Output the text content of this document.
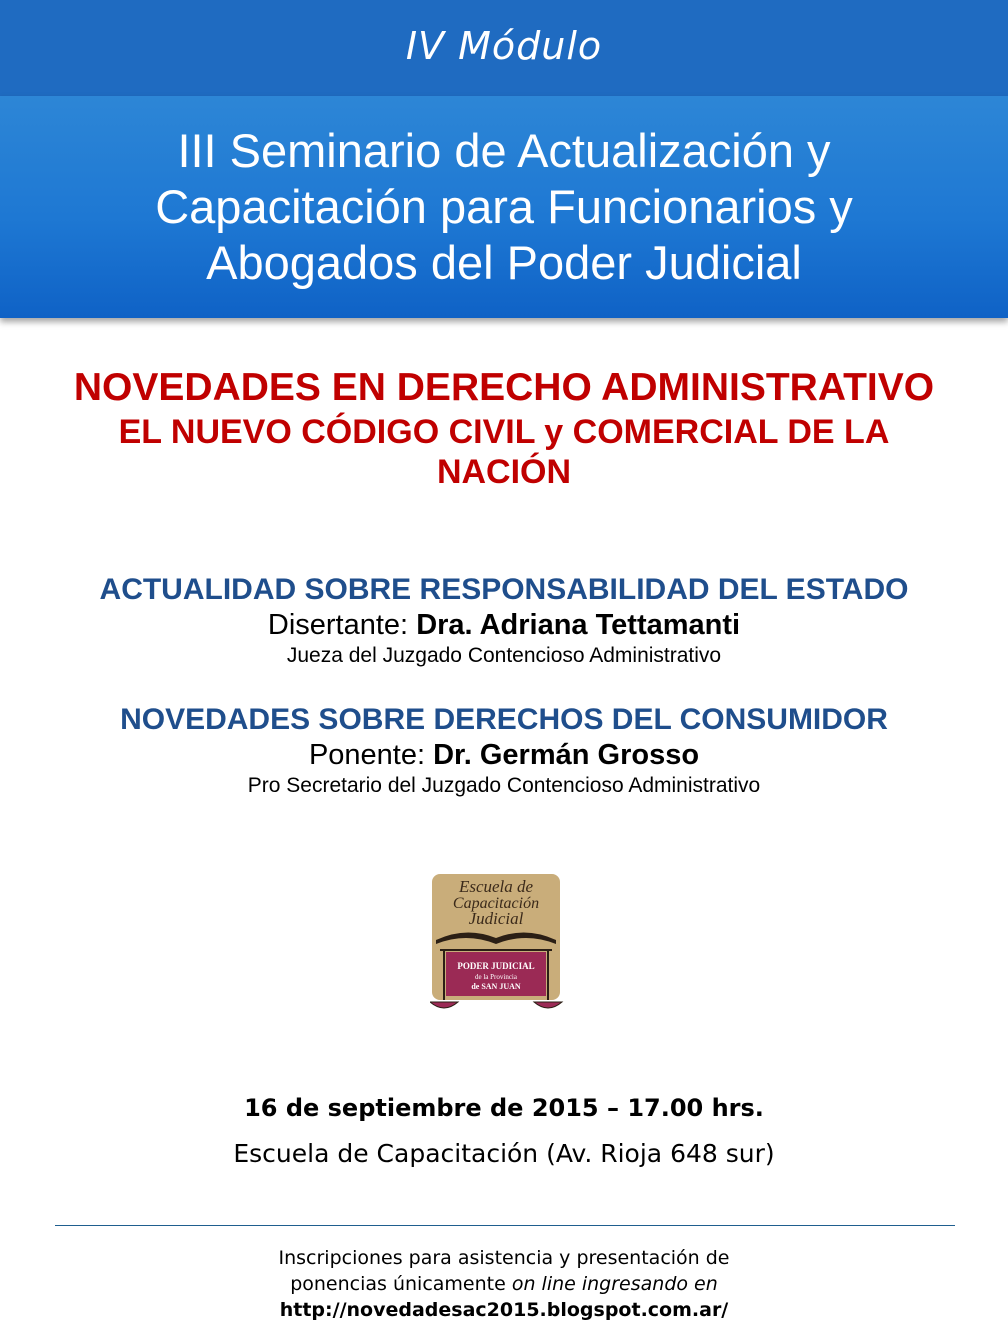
IV Módulo
III Seminario de Actualización y
Capacitación para Funcionarios y
Abogados del Poder Judicial
NOVEDADES EN DERECHO ADMINISTRATIVO
EL NUEVO CÓDIGO CIVIL y COMERCIAL DE LA
NACIÓN
ACTUALIDAD SOBRE RESPONSABILIDAD DEL ESTADO
Disertante: Dra. Adriana Tettamanti
Jueza del Juzgado Contencioso Administrativo
NOVEDADES SOBRE DERECHOS DEL CONSUMIDOR
Ponente: Dr. Germán Grosso
Pro Secretario del Juzgado Contencioso Administrativo
Escuela de
Capacitación
Judicial
PODER JUDICIAL
de la Provincia
de SAN JUAN
16 de septiembre de 2015 – 17.00 hrs.
Escuela de Capacitación (Av. Rioja 648 sur)
Inscripciones para asistencia y presentación de
ponencias únicamente on line ingresando en
http://novedadesac2015.blogspot.com.ar/
